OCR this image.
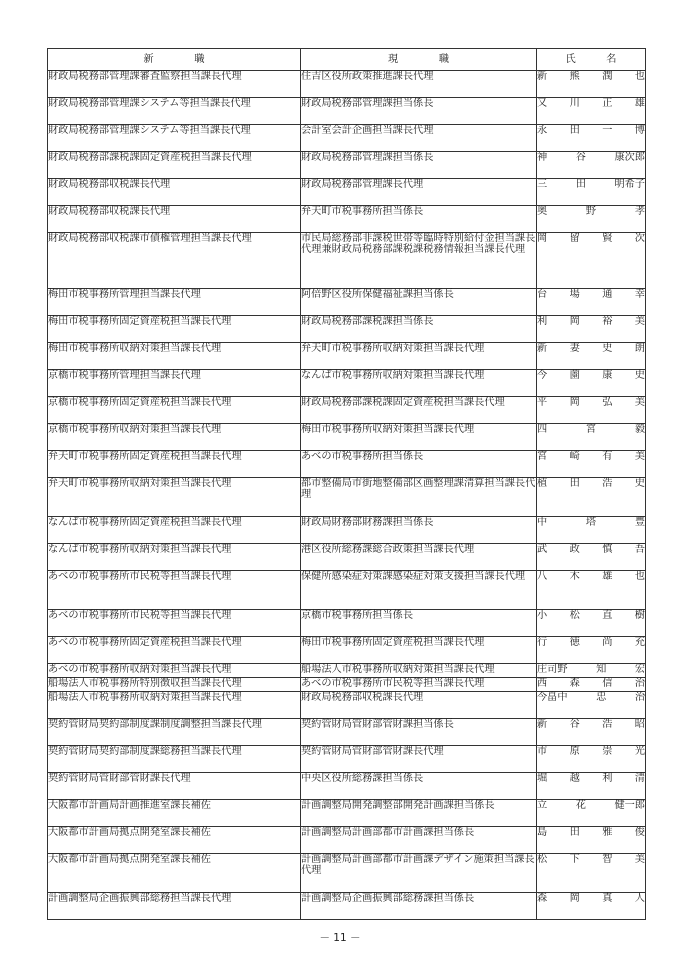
新　　　　職	現　　　　職	氏　　　名
財政局税務部管理課審査監察担当課長代理	住吉区役所政策推進課長代理	新 熊 潤 也

財政局税務部管理課システム等担当課長代理	財政局税務部管理課担当係長	又 川 正 雄

財政局税務部管理課システム等担当課長代理	会計室会計企画担当課長代理	永 田 一 博

財政局税務部課税課固定資産税担当課長代理	財政局税務部管理課担当係長	神 谷 康次郎

財政局税務部収税課長代理	財政局税務部管理課長代理	三 田 明希子

財政局税務部収税課長代理	弁天町市税事務所担当係長	奥 野 孝

財政局税務部収税課市債権管理担当課長代理	市民局総務部非課税世帯等臨時特別給付金担当課長代理兼財政局税務部課税課税務情報担当課長代理	岡 留 賢 次

梅田市税事務所管理担当課長代理	阿倍野区役所保健福祉課担当係長	台 場 通 幸

梅田市税事務所固定資産税担当課長代理	財政局税務部課税課担当係長	利 岡 裕 美

梅田市税事務所収納対策担当課長代理	弁天町市税事務所収納対策担当課長代理	新 妻 史 朗

京橋市税事務所管理担当課長代理	なんば市税事務所収納対策担当課長代理	今 薗 康 史

京橋市税事務所固定資産税担当課長代理	財政局税務部課税課固定資産税担当課長代理	平 岡 弘 美

京橋市税事務所収納対策担当課長代理	梅田市税事務所収納対策担当課長代理	四 宮 毅

弁天町市税事務所固定資産税担当課長代理	あべの市税事務所担当係長	宮 崎 有 美

弁天町市税事務所収納対策担当課長代理	都市整備局市街地整備部区画整理課清算担当課長代理	植 田 浩 史

なんば市税事務所固定資産税担当課長代理	財政局財務部財務課担当係長	中 塔 豊

なんば市税事務所収納対策担当課長代理	港区役所総務課総合政策担当課長代理	武 政 慎 吾

あべの市税事務所市民税等担当課長代理	保健所感染症対策課感染症対策支援担当課長代理	八 木 雄 也

あべの市税事務所市民税等担当課長代理	京橋市税事務所担当係長	小 松 直 樹

あべの市税事務所固定資産税担当課長代理	梅田市税事務所固定資産税担当課長代理	行 徳 尚 充

あべの市税事務所収納対策担当課長代理	船場法人市税事務所収納対策担当課長代理	庄司野 知 宏

船場法人市税事務所特別徴収担当課長代理	あべの市税事務所市民税等担当課長代理	西 森 信 治

船場法人市税事務所収納対策担当課長代理	財政局税務部収税課長代理	今畠中 忠 治

契約管財局契約部制度課制度調整担当課長代理	契約管財局管財部管財課担当係長	新 谷 浩 昭

契約管財局契約部制度課総務担当課長代理	契約管財局管財部管財課長代理	市 原 崇 光

契約管財局管財部管財課長代理	中央区役所総務課担当係長	堀 越 利 清

大阪都市計画局計画推進室課長補佐	計画調整局開発調整部開発計画課担当係長	立 花 健一郎

大阪都市計画局拠点開発室課長補佐	計画調整局計画部都市計画課担当係長	島 田 雅 俊

大阪都市計画局拠点開発室課長補佐	計画調整局計画部都市計画課デザイン施策担当課長代理	松 下 智 美

計画調整局企画振興部総務担当課長代理	計画調整局企画振興部総務課担当係長	森 岡 真 人
－ 11 －
